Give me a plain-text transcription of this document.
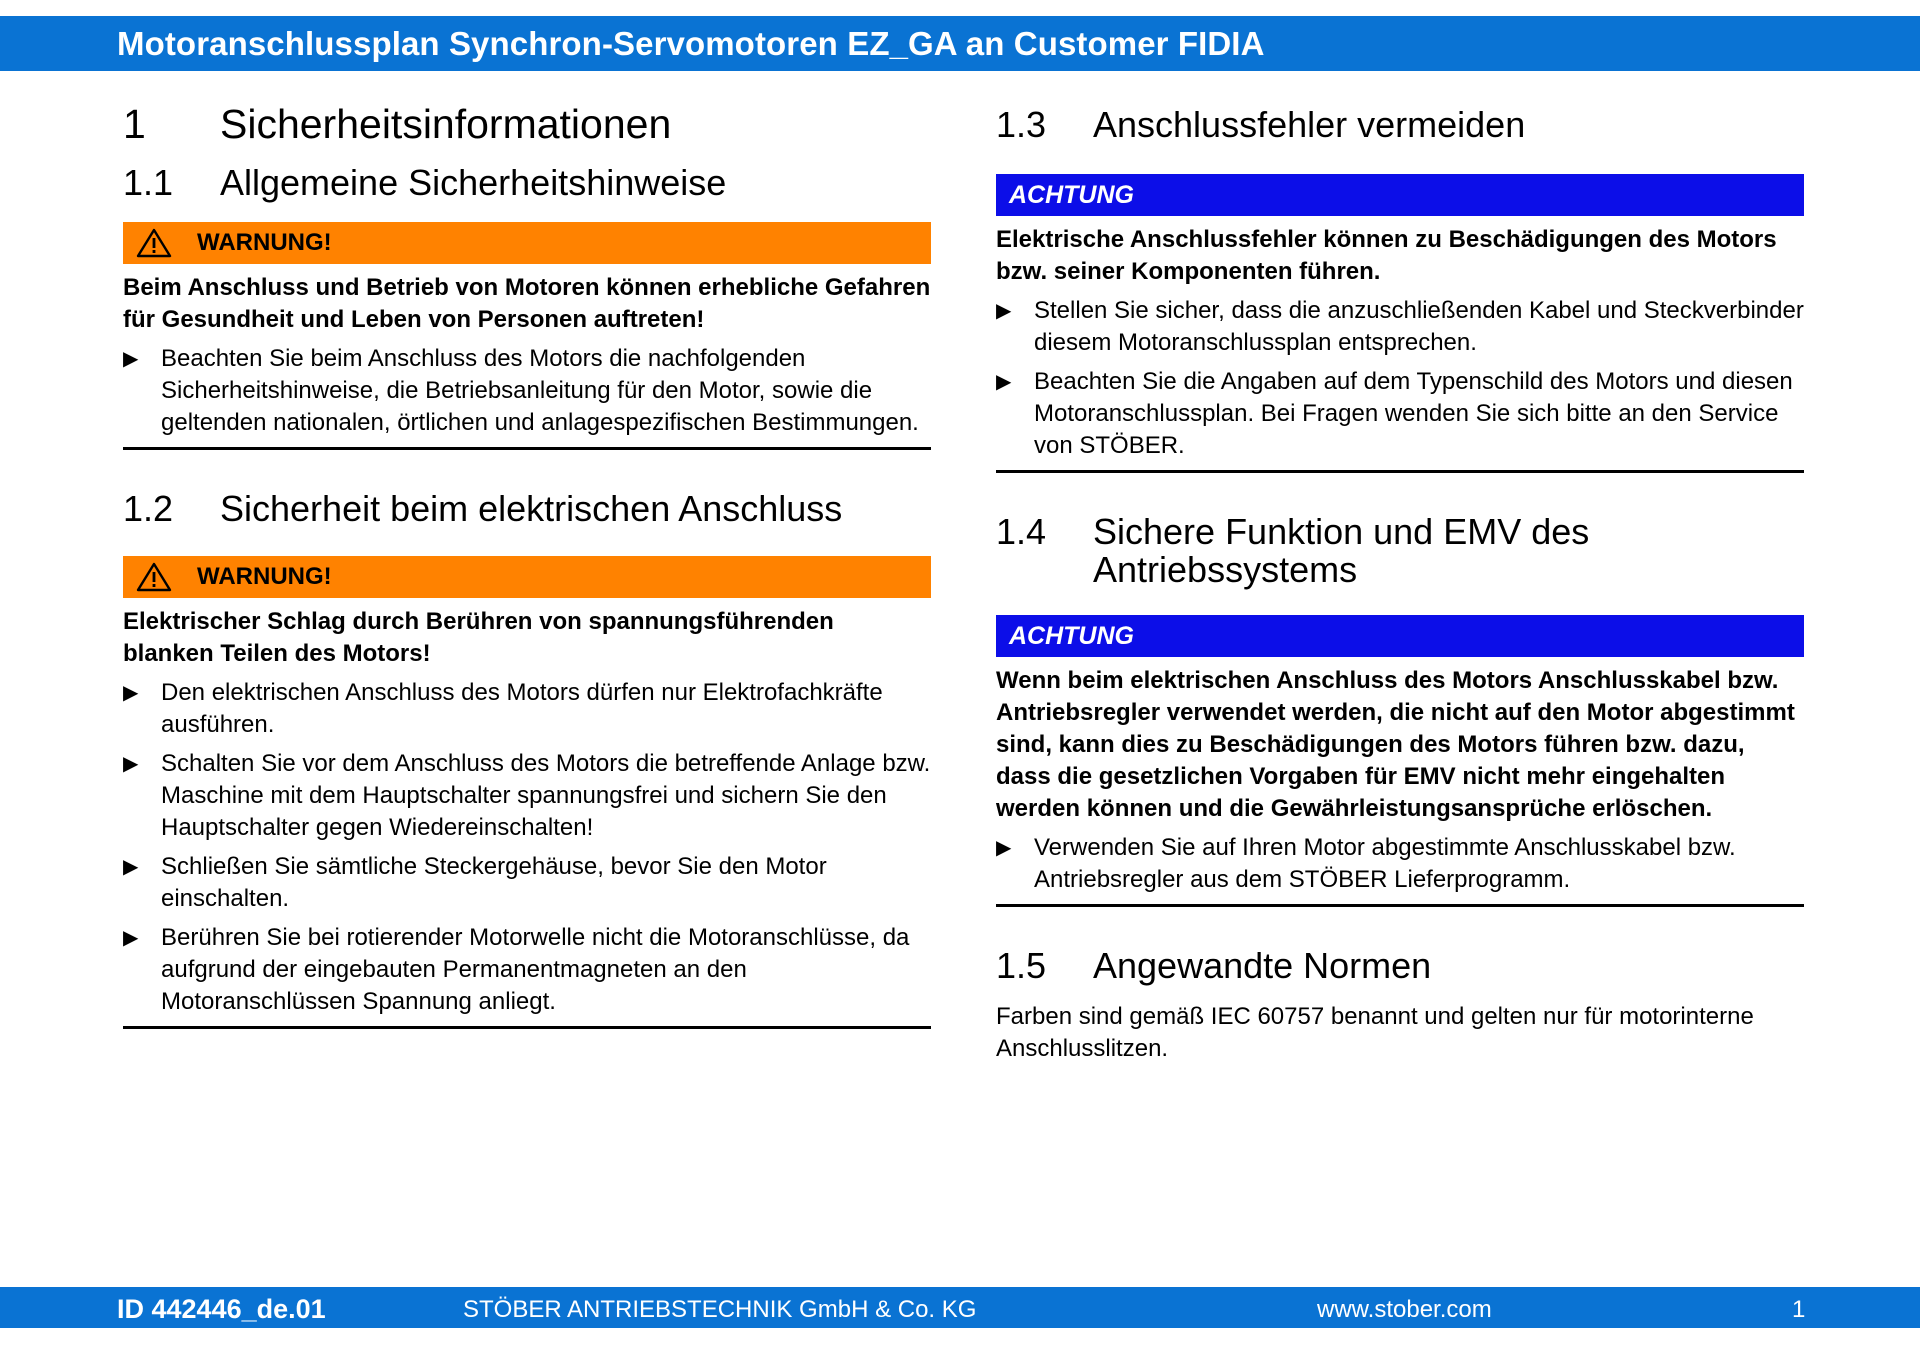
Motoranschlussplan Synchron-Servomotoren EZ_GA an Customer FIDIA
1	Sicherheitsinformationen
1.1	Allgemeine Sicherheitshinweise
WARNUNG!
Beim Anschluss und Betrieb von Motoren können erhebliche Gefahren für Gesundheit und Leben von Personen auftreten!
▶ Beachten Sie beim Anschluss des Motors die nachfolgenden Sicherheitshinweise, die Betriebsanleitung für den Motor, sowie die geltenden nationalen, örtlichen und anlagespezifischen Bestimmungen.
1.2	Sicherheit beim elektrischen Anschluss
WARNUNG!
Elektrischer Schlag durch Berühren von spannungsführenden blanken Teilen des Motors!
▶ Den elektrischen Anschluss des Motors dürfen nur Elektrofachkräfte ausführen.
▶ Schalten Sie vor dem Anschluss des Motors die betreffende Anlage bzw. Maschine mit dem Hauptschalter spannungsfrei und sichern Sie den Hauptschalter gegen Wiedereinschalten!
▶ Schließen Sie sämtliche Steckergehäuse, bevor Sie den Motor einschalten.
▶ Berühren Sie bei rotierender Motorwelle nicht die Motoranschlüsse, da aufgrund der eingebauten Permanentmagneten an den Motoranschlüssen Spannung anliegt.
1.3	Anschlussfehler vermeiden
ACHTUNG
Elektrische Anschlussfehler können zu Beschädigungen des Motors bzw. seiner Komponenten führen.
▶ Stellen Sie sicher, dass die anzuschließenden Kabel und Steckverbinder diesem Motoranschlussplan entsprechen.
▶ Beachten Sie die Angaben auf dem Typenschild des Motors und diesen Motoranschlussplan. Bei Fragen wenden Sie sich bitte an den Service von STÖBER.
1.4	Sichere Funktion und EMV des Antriebssystems
ACHTUNG
Wenn beim elektrischen Anschluss des Motors Anschlusskabel bzw. Antriebsregler verwendet werden, die nicht auf den Motor abgestimmt sind, kann dies zu Beschädigungen des Motors führen bzw. dazu, dass die gesetzlichen Vorgaben für EMV nicht mehr eingehalten werden können und die Gewährleistungsansprüche erlöschen.
▶ Verwenden Sie auf Ihren Motor abgestimmte Anschlusskabel bzw. Antriebsregler aus dem STÖBER Lieferprogramm.
1.5	Angewandte Normen
Farben sind gemäß IEC 60757 benannt und gelten nur für motorinterne Anschlusslitzen.
ID 442446_de.01	STÖBER ANTRIEBSTECHNIK GmbH & Co. KG	www.stober.com	1
